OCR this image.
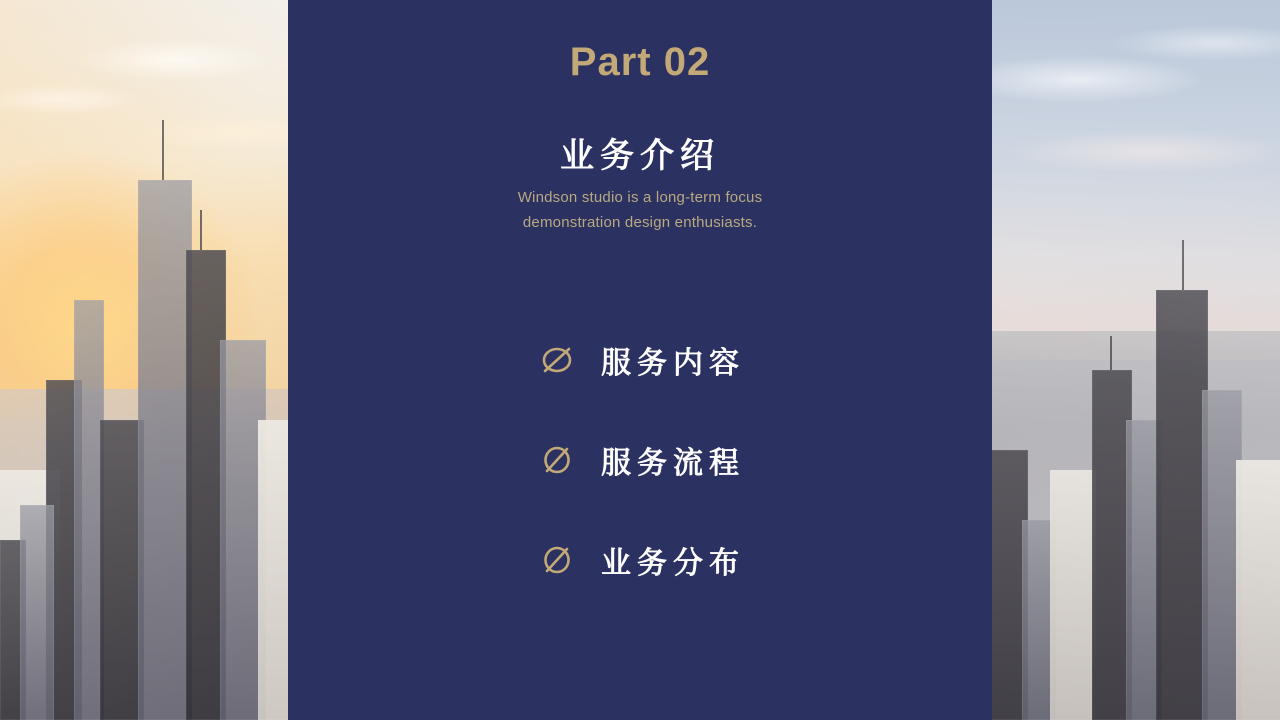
Part 02
业务介绍
Windson studio is a long-term focus
demonstration design enthusiasts.
服务内容
服务流程
业务分布
